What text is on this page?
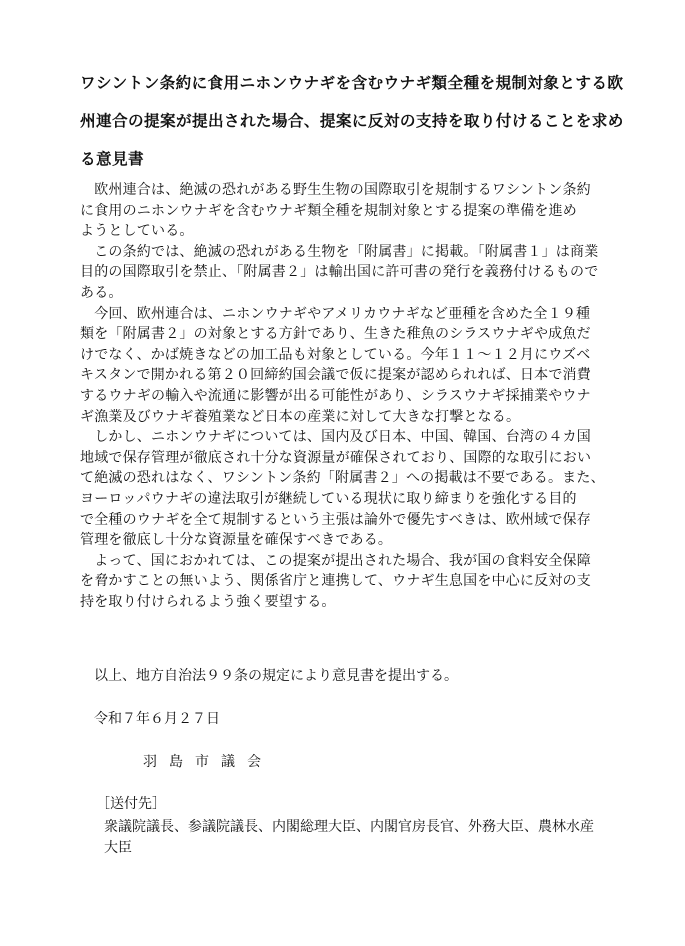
ワシントン条約に食用ニホンウナギを含むウナギ類全種を規制対象とする欧
州連合の提案が提出された場合、提案に反対の支持を取り付けることを求め
る意見書

　欧州連合は、絶滅の恐れがある野生生物の国際取引を規制するワシントン条約
に食用のニホンウナギを含むウナギ類全種を規制対象とする提案の準備を進め
ようとしている。

　この条約では、絶滅の恐れがある生物を「附属書」に掲載。「附属書１」は商業
目的の国際取引を禁止、「附属書２」は輸出国に許可書の発行を義務付けるもので
ある。

　今回、欧州連合は、ニホンウナギやアメリカウナギなど亜種を含めた全１９種
類を「附属書２」の対象とする方針であり、生きた稚魚のシラスウナギや成魚だ
けでなく、かば焼きなどの加工品も対象としている。今年１１～１２月にウズベ
キスタンで開かれる第２０回締約国会議で仮に提案が認められれば、日本で消費
するウナギの輸入や流通に影響が出る可能性があり、シラスウナギ採捕業やウナ
ギ漁業及びウナギ養殖業など日本の産業に対して大きな打撃となる。

　しかし、ニホンウナギについては、国内及び日本、中国、韓国、台湾の４カ国
地域で保存管理が徹底され十分な資源量が確保されており、国際的な取引におい
て絶滅の恐れはなく、ワシントン条約「附属書２」への掲載は不要である。また、
ヨーロッパウナギの違法取引が継続している現状に取り締まりを強化する目的
で全種のウナギを全て規制するという主張は論外で優先すべきは、欧州域で保存
管理を徹底し十分な資源量を確保すべきである。

　よって、国におかれては、この提案が提出された場合、我が国の食料安全保障
を脅かすことの無いよう、関係省庁と連携して、ウナギ生息国を中心に反対の支
持を取り付けられるよう強く要望する。

以上、地方自治法９９条の規定により意見書を提出する。
令和７年６月２７日
羽島市議会
［送付先］
衆議院議長、参議院議長、内閣総理大臣、内閣官房長官、外務大臣、農林水産
大臣
